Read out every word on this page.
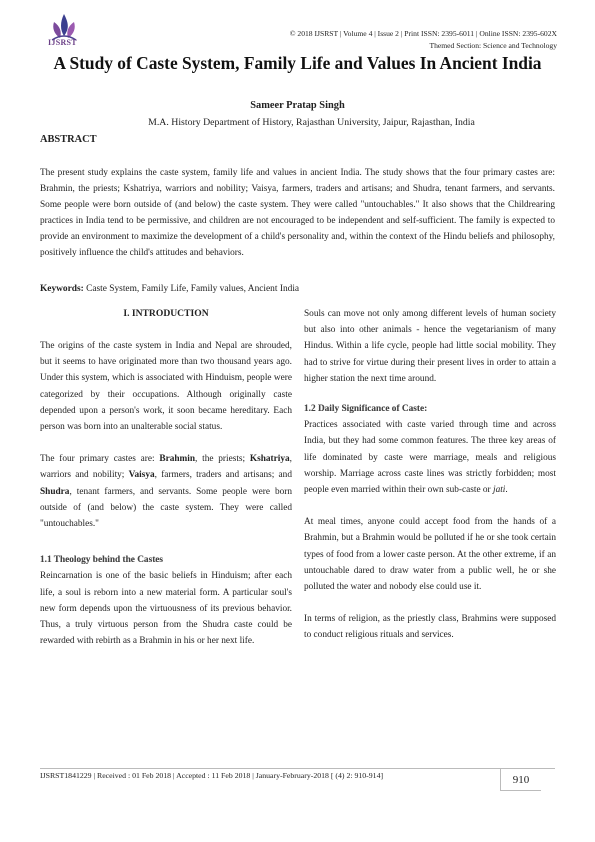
IJSRST
© 2018 IJSRST | Volume 4 | Issue 2 | Print ISSN: 2395-6011 | Online ISSN: 2395-602X
Themed Section: Science and Technology
A Study of Caste System, Family Life and Values In Ancient India
Sameer Pratap Singh
M.A. History Department of History, Rajasthan University, Jaipur, Rajasthan, India
ABSTRACT
The present study explains the caste system, family life and values in ancient India. The study shows that the four primary castes are: Brahmin, the priests; Kshatriya, warriors and nobility; Vaisya, farmers, traders and artisans; and Shudra, tenant farmers, and servants. Some people were born outside of (and below) the caste system. They were called "untouchables." It also shows that the Childrearing practices in India tend to be permissive, and children are not encouraged to be independent and self-sufficient. The family is expected to provide an environment to maximize the development of a child's personality and, within the context of the Hindu beliefs and philosophy, positively influence the child's attitudes and behaviors.
Keywords: Caste System, Family Life, Family values, Ancient India
I. INTRODUCTION

The origins of the caste system in India and Nepal are shrouded, but it seems to have originated more than two thousand years ago. Under this system, which is associated with Hinduism, people were categorized by their occupations. Although originally caste depended upon a person's work, it soon became hereditary. Each person was born into an unalterable social status.

The four primary castes are: Brahmin, the priests; Kshatriya, warriors and nobility; Vaisya, farmers, traders and artisans; and Shudra, tenant farmers, and servants. Some people were born outside of (and below) the caste system. They were called "untouchables."

1.1 Theology behind the Castes

Reincarnation is one of the basic beliefs in Hinduism; after each life, a soul is reborn into a new material form. A particular soul's new form depends upon the virtuousness of its previous behavior. Thus, a truly virtuous person from the Shudra caste could be rewarded with rebirth as a Brahmin in his or her next life.

Souls can move not only among different levels of human society but also into other animals - hence the vegetarianism of many Hindus. Within a life cycle, people had little social mobility. They had to strive for virtue during their present lives in order to attain a higher station the next time around.

1.2 Daily Significance of Caste:

Practices associated with caste varied through time and across India, but they had some common features. The three key areas of life dominated by caste were marriage, meals and religious worship. Marriage across caste lines was strictly forbidden; most people even married within their own sub-caste or jati.

At meal times, anyone could accept food from the hands of a Brahmin, but a Brahmin would be polluted if he or she took certain types of food from a lower caste person. At the other extreme, if an untouchable dared to draw water from a public well, he or she polluted the water and nobody else could use it.

In terms of religion, as the priestly class, Brahmins were supposed to conduct religious rituals and services.

IJSRST1841229 | Received : 01 Feb 2018 | Accepted : 11 Feb 2018 | January-February-2018 [ (4) 2: 910-914]	910
